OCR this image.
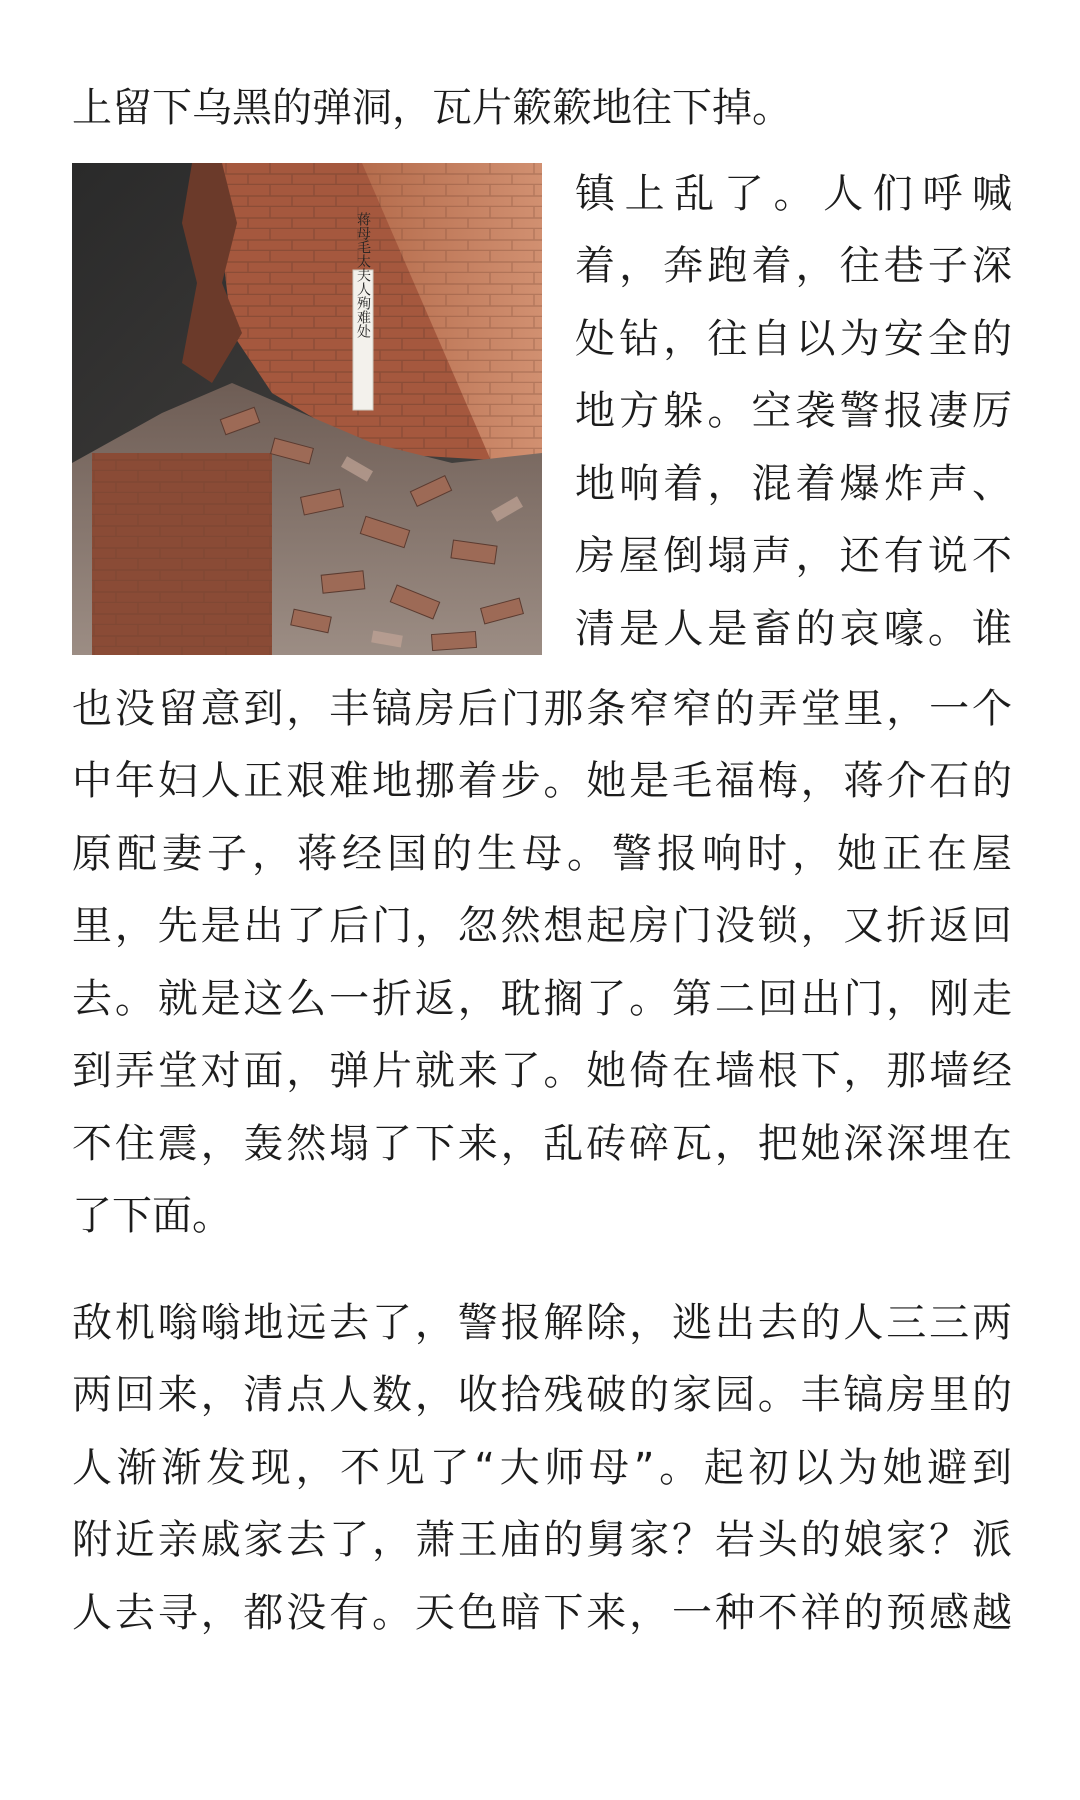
上留下乌黑的弹洞，瓦片簌簌地往下掉。
蒋母毛太夫人殉难处
镇上乱了。人们呼喊
着，奔跑着，往巷子深
处钻，往自以为安全的
地方躲。空袭警报凄厉
地响着，混着爆炸声、
房屋倒塌声，还有说不
清是人是畜的哀嚎。谁
也没留意到，丰镐房后门那条窄窄的弄堂里，一个
中年妇人正艰难地挪着步。她是毛福梅，蒋介石的
原配妻子，蒋经国的生母。警报响时，她正在屋
里，先是出了后门，忽然想起房门没锁，又折返回
去。就是这么一折返，耽搁了。第二回出门，刚走
到弄堂对面，弹片就来了。她倚在墙根下，那墙经
不住震，轰然塌了下来，乱砖碎瓦，把她深深埋在
了下面。
敌机嗡嗡地远去了，警报解除，逃出去的人三三两
两回来，清点人数，收拾残破的家园。丰镐房里的
人渐渐发现，不见了“大师母”。起初以为她避到
附近亲戚家去了，萧王庙的舅家？岩头的娘家？派
人去寻，都没有。天色暗下来，一种不祥的预感越
